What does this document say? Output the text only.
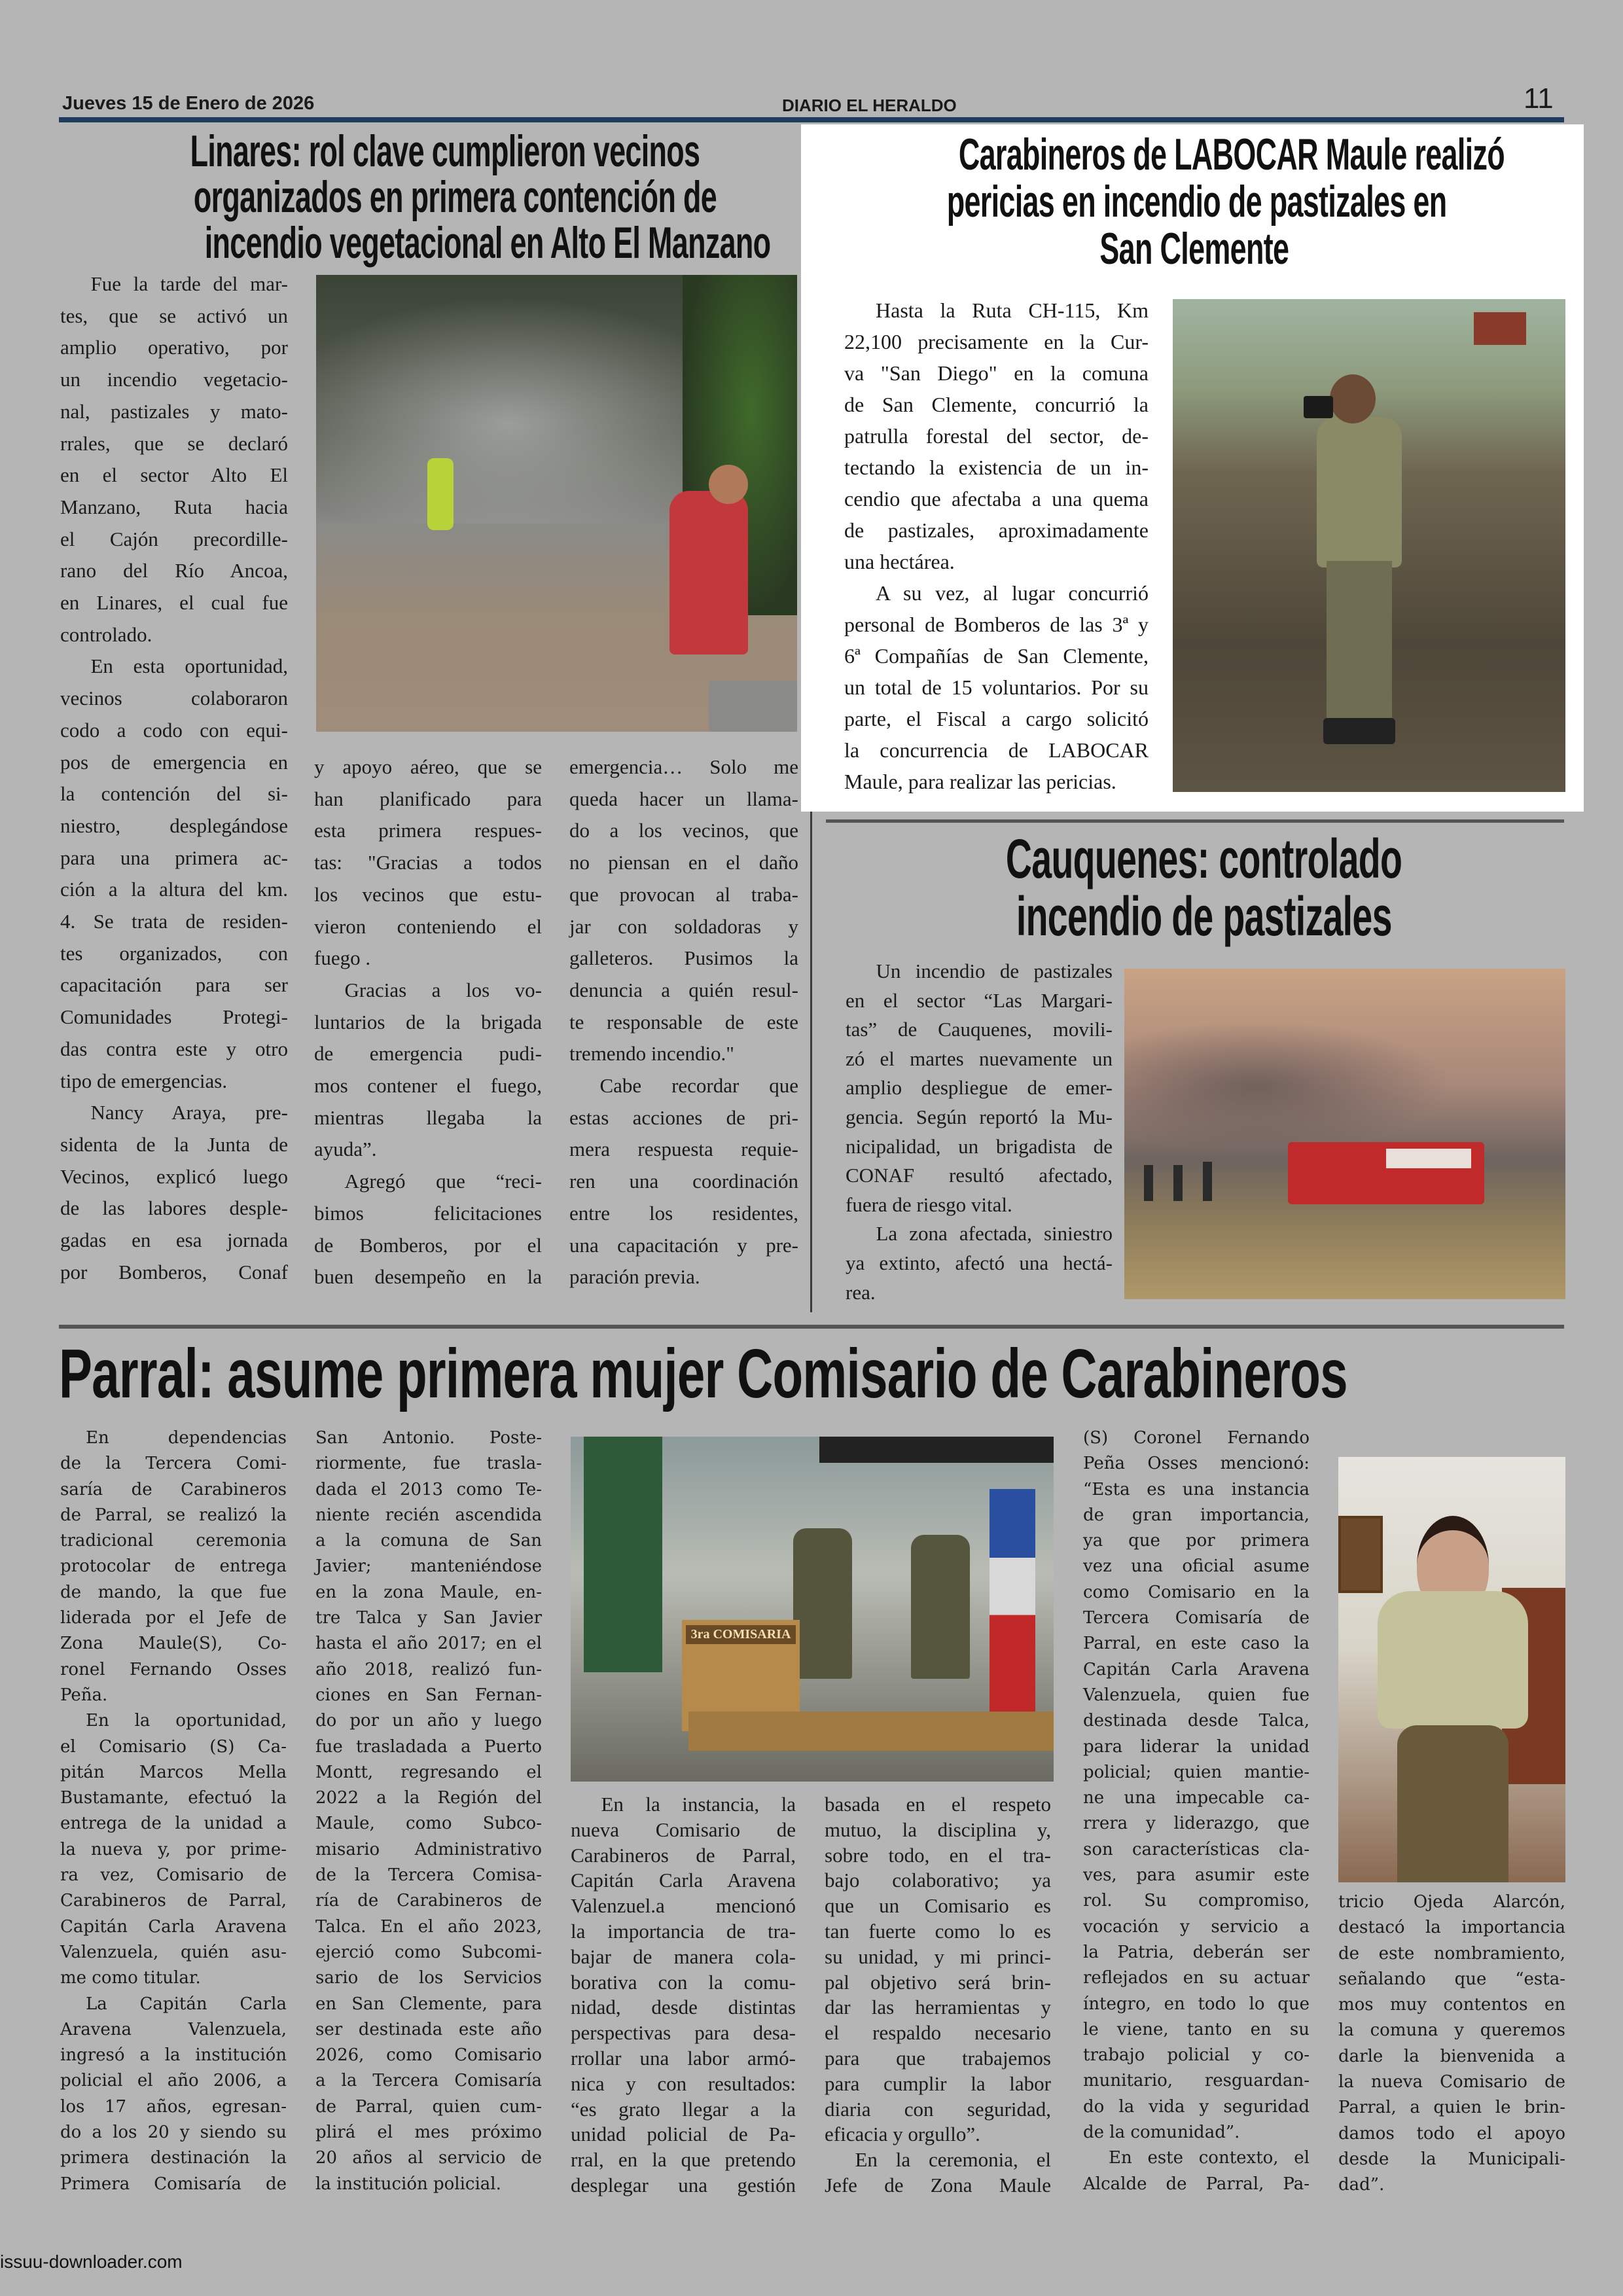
Jueves 15 de Enero de 2026	DIARIO EL HERALDO	11
Linares: rol clave cumplieron vecinos
organizados en primera contención de
incendio vegetacional en Alto El Manzano
Fue la tarde del mar-
tes, que se activó un
amplio operativo, por
un incendio vegetacio-
nal, pastizales y mato-
rrales, que se declaró
en el sector Alto El
Manzano, Ruta hacia
el Cajón precordille-
rano del Río Ancoa,
en Linares, el cual fue
controlado.
En esta oportunidad,
vecinos colaboraron
codo a codo con equi-
pos de emergencia en
la contención del si-
niestro, desplegándose
para una primera ac-
ción a la altura del km.
4. Se trata de residen-
tes organizados, con
capacitación para ser
Comunidades Protegi-
das contra este y otro
tipo de emergencias.
Nancy Araya, pre-
sidenta de la Junta de
Vecinos, explicó luego
de las labores desple-
gadas en esa jornada
por Bomberos, Conaf
y apoyo aéreo, que se
han planificado para
esta primera respues-
tas: "Gracias a todos
los vecinos que estu-
vieron conteniendo el
fuego .
Gracias a los vo-
luntarios de la brigada
de emergencia pudi-
mos contener el fuego,
mientras llegaba la
ayuda”.
Agregó que “reci-
bimos felicitaciones
de Bomberos, por el
buen desempeño en la
emergencia… Solo me
queda hacer un llama-
do a los vecinos, que
no piensan en el daño
que provocan al traba-
jar con soldadoras y
galleteros. Pusimos la
denuncia a quién resul-
te responsable de este
tremendo incendio."
Cabe recordar que
estas acciones de pri-
mera respuesta requie-
ren una coordinación
entre los residentes,
una capacitación y pre-
paración previa.
Carabineros de LABOCAR Maule realizó
pericias en incendio de pastizales en
San Clemente
Hasta la Ruta CH-115, Km
22,100 precisamente en la Cur-
va "San Diego" en la comuna
de San Clemente, concurrió la
patrulla forestal del sector, de-
tectando la existencia de un in-
cendio que afectaba a una quema
de pastizales, aproximadamente
una hectárea.
A su vez, al lugar concurrió
personal de Bomberos de las 3ª y
6ª Compañías de San Clemente,
un total de 15 voluntarios. Por su
parte, el Fiscal a cargo solicitó
la concurrencia de LABOCAR
Maule, para realizar las pericias.
Cauquenes: controlado
incendio de pastizales
Un incendio de pastizales
en el sector “Las Margari-
tas” de Cauquenes, movili-
zó el martes nuevamente un
amplio despliegue de emer-
gencia. Según reportó la Mu-
nicipalidad, un brigadista de
CONAF resultó afectado,
fuera de riesgo vital.
La zona afectada, siniestro
ya extinto, afectó una hectá-
rea.
Parral: asume primera mujer Comisario de Carabineros
En dependencias
de la Tercera Comi-
saría de Carabineros
de Parral, se realizó la
tradicional ceremonia
protocolar de entrega
de mando, la que fue
liderada por el Jefe de
Zona Maule(S), Co-
ronel Fernando Osses
Peña.
En la oportunidad,
el Comisario (S) Ca-
pitán Marcos Mella
Bustamante, efectuó la
entrega de la unidad a
la nueva y, por prime-
ra vez, Comisario de
Carabineros de Parral,
Capitán Carla Aravena
Valenzuela, quién asu-
me como titular.
La Capitán Carla
Aravena Valenzuela,
ingresó a la institución
policial el año 2006, a
los 17 años, egresan-
do a los 20 y siendo su
primera destinación la
Primera Comisaría de
San Antonio. Poste-
riormente, fue trasla-
dada el 2013 como Te-
niente recién ascendida
a la comuna de San
Javier; manteniéndose
en la zona Maule, en-
tre Talca y San Javier
hasta el año 2017; en el
año 2018, realizó fun-
ciones en San Fernan-
do por un año y luego
fue trasladada a Puerto
Montt, regresando el
2022 a la Región del
Maule, como Subco-
misario Administrativo
de la Tercera Comisa-
ría de Carabineros de
Talca. En el año 2023,
ejerció como Subcomi-
sario de los Servicios
en San Clemente, para
ser destinada este año
2026, como Comisario
a la Tercera Comisaría
de Parral, quien cum-
plirá el mes próximo
20 años al servicio de
la institución policial.
3ra COMISARIA
En la instancia, la
nueva Comisario de
Carabineros de Parral,
Capitán Carla Aravena
Valenzuel.a mencionó
la importancia de tra-
bajar de manera cola-
borativa con la comu-
nidad, desde distintas
perspectivas para desa-
rrollar una labor armó-
nica y con resultados:
“es grato llegar a la
unidad policial de Pa-
rral, en la que pretendo
desplegar una gestión
basada en el respeto
mutuo, la disciplina y,
sobre todo, en el tra-
bajo colaborativo; ya
que un Comisario es
tan fuerte como lo es
su unidad, y mi princi-
pal objetivo será brin-
dar las herramientas y
el respaldo necesario
para que trabajemos
para cumplir la labor
diaria con seguridad,
eficacia y orgullo”.
En la ceremonia, el
Jefe de Zona Maule
(S) Coronel Fernando
Peña Osses mencionó:
“Esta es una instancia
de gran importancia,
ya que por primera
vez una oficial asume
como Comisario en la
Tercera Comisaría de
Parral, en este caso la
Capitán Carla Aravena
Valenzuela, quien fue
destinada desde Talca,
para liderar la unidad
policial; quien mantie-
ne una impecable ca-
rrera y liderazgo, que
son características cla-
ves, para asumir este
rol. Su compromiso,
vocación y servicio a
la Patria, deberán ser
reflejados en su actuar
íntegro, en todo lo que
le viene, tanto en su
trabajo policial y co-
munitario, resguardan-
do la vida y seguridad
de la comunidad”.
En este contexto, el
Alcalde de Parral, Pa-
tricio Ojeda Alarcón,
destacó la importancia
de este nombramiento,
señalando que “esta-
mos muy contentos en
la comuna y queremos
darle la bienvenida a
la nueva Comisario de
Parral, a quien le brin-
damos todo el apoyo
desde la Municipali-
dad”.
issuu-downloader.com
